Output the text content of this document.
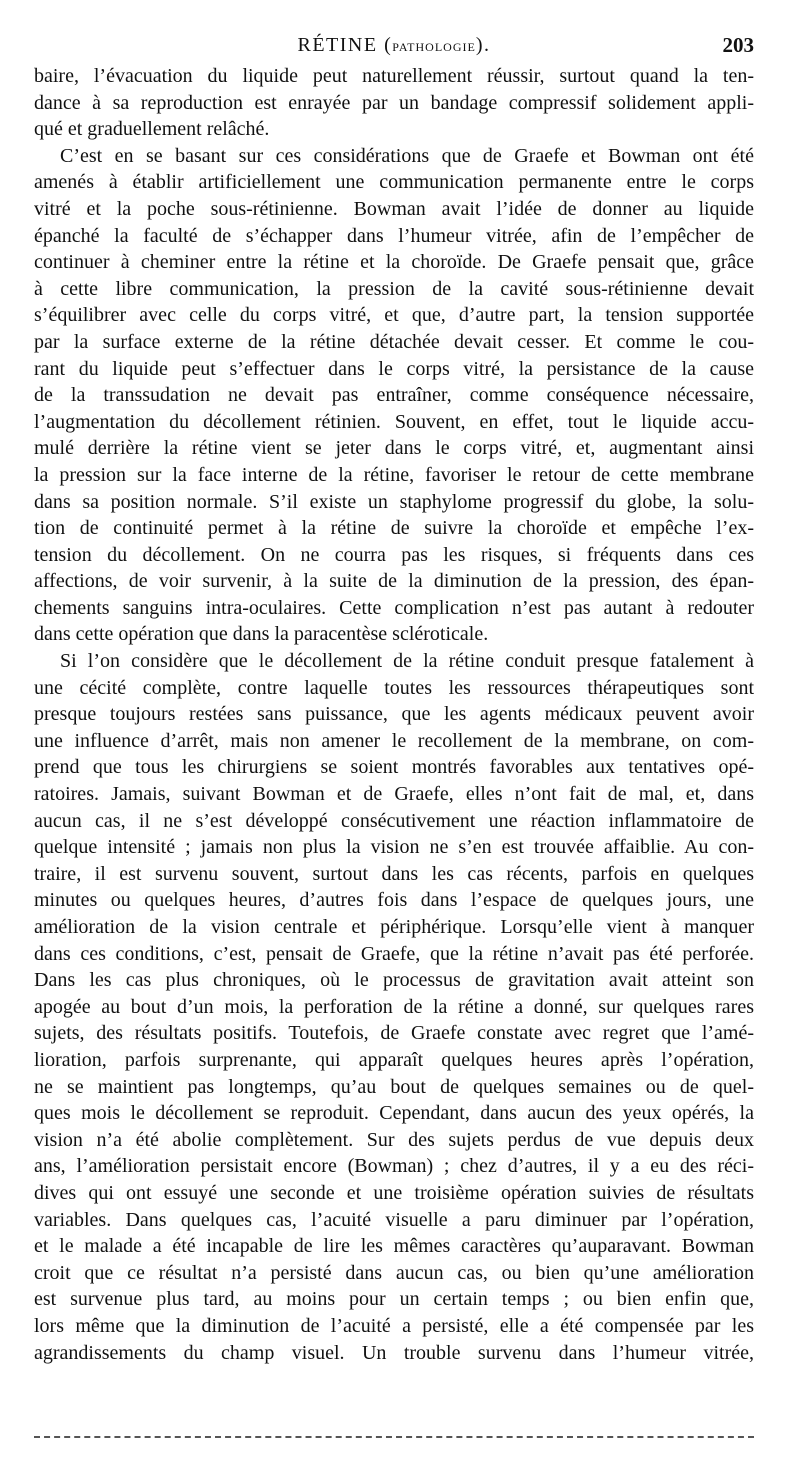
RÉTINE (pathologie).	203
baire, l’évacuation du liquide peut naturellement réussir, surtout quand la ten-
dance à sa reproduction est enrayée par un bandage compressif solidement appli-
qué et graduellement relâché.
C’est en se basant sur ces considérations que de Graefe et Bowman ont été
amenés à établir artificiellement une communication permanente entre le corps
vitré et la poche sous-rétinienne. Bowman avait l’idée de donner au liquide
épanché la faculté de s’échapper dans l’humeur vitrée, afin de l’empêcher de
continuer à cheminer entre la rétine et la choroïde. De Graefe pensait que, grâce
à cette libre communication, la pression de la cavité sous-rétinienne devait
s’équilibrer avec celle du corps vitré, et que, d’autre part, la tension supportée
par la surface externe de la rétine détachée devait cesser. Et comme le cou-
rant du liquide peut s’effectuer dans le corps vitré, la persistance de la cause
de la transsudation ne devait pas entraîner, comme conséquence nécessaire,
l’augmentation du décollement rétinien. Souvent, en effet, tout le liquide accu-
mulé derrière la rétine vient se jeter dans le corps vitré, et, augmentant ainsi
la pression sur la face interne de la rétine, favoriser le retour de cette membrane
dans sa position normale. S’il existe un staphylome progressif du globe, la solu-
tion de continuité permet à la rétine de suivre la choroïde et empêche l’ex-
tension du décollement. On ne courra pas les risques, si fréquents dans ces
affections, de voir survenir, à la suite de la diminution de la pression, des épan-
chements sanguins intra-oculaires. Cette complication n’est pas autant à redouter
dans cette opération que dans la paracentèse scléroticale.
Si l’on considère que le décollement de la rétine conduit presque fatalement à
une cécité complète, contre laquelle toutes les ressources thérapeutiques sont
presque toujours restées sans puissance, que les agents médicaux peuvent avoir
une influence d’arrêt, mais non amener le recollement de la membrane, on com-
prend que tous les chirurgiens se soient montrés favorables aux tentatives opé-
ratoires. Jamais, suivant Bowman et de Graefe, elles n’ont fait de mal, et, dans
aucun cas, il ne s’est développé consécutivement une réaction inflammatoire de
quelque intensité ; jamais non plus la vision ne s’en est trouvée affaiblie. Au con-
traire, il est survenu souvent, surtout dans les cas récents, parfois en quelques
minutes ou quelques heures, d’autres fois dans l’espace de quelques jours, une
amélioration de la vision centrale et périphérique. Lorsqu’elle vient à manquer
dans ces conditions, c’est, pensait de Graefe, que la rétine n’avait pas été perforée.
Dans les cas plus chroniques, où le processus de gravitation avait atteint son
apogée au bout d’un mois, la perforation de la rétine a donné, sur quelques rares
sujets, des résultats positifs. Toutefois, de Graefe constate avec regret que l’amé-
lioration, parfois surprenante, qui apparaît quelques heures après l’opération,
ne se maintient pas longtemps, qu’au bout de quelques semaines ou de quel-
ques mois le décollement se reproduit. Cependant, dans aucun des yeux opérés, la
vision n’a été abolie complètement. Sur des sujets perdus de vue depuis deux
ans, l’amélioration persistait encore (Bowman) ; chez d’autres, il y a eu des réci-
dives qui ont essuyé une seconde et une troisième opération suivies de résultats
variables. Dans quelques cas, l’acuité visuelle a paru diminuer par l’opération,
et le malade a été incapable de lire les mêmes caractères qu’auparavant. Bowman
croit que ce résultat n’a persisté dans aucun cas, ou bien qu’une amélioration
est survenue plus tard, au moins pour un certain temps ; ou bien enfin que,
lors même que la diminution de l’acuité a persisté, elle a été compensée par les
agrandissements du champ visuel. Un trouble survenu dans l’humeur vitrée,
